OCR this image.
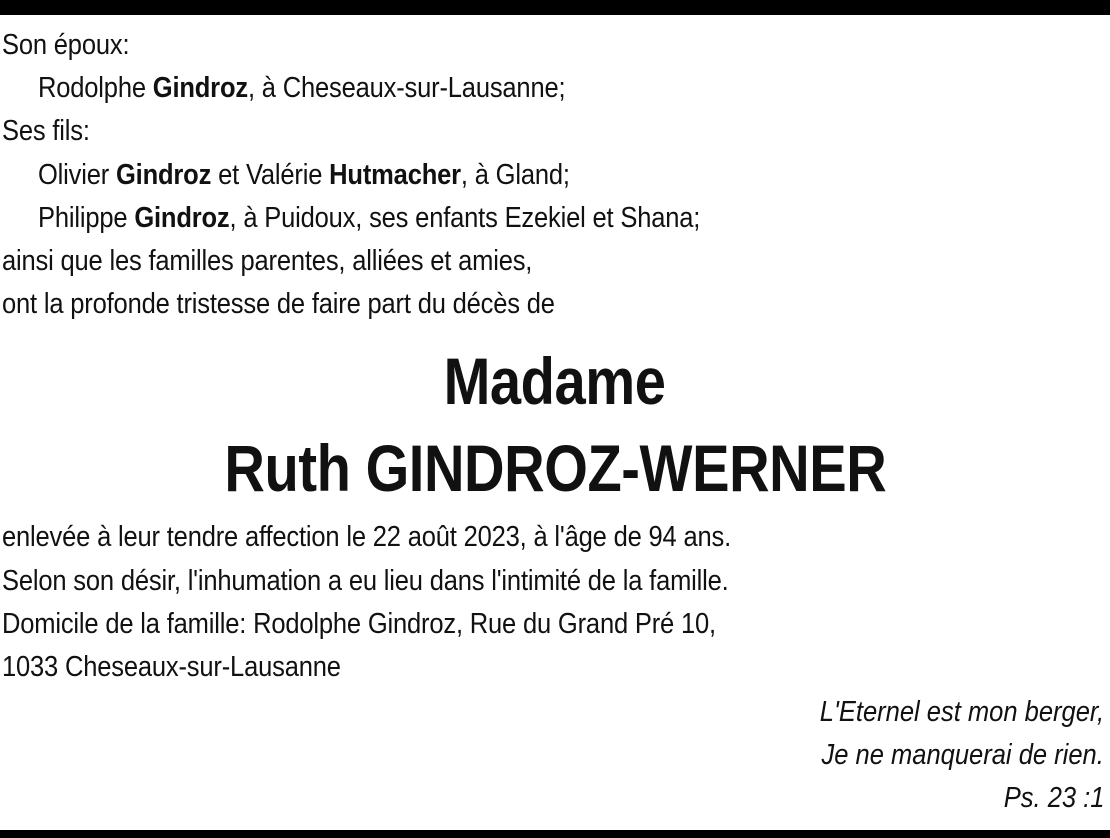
Son époux:
Rodolphe Gindroz, à Cheseaux-sur-Lausanne;
Ses fils:
Olivier Gindroz et Valérie Hutmacher, à Gland;
Philippe Gindroz, à Puidoux, ses enfants Ezekiel et Shana;
ainsi que les familles parentes, alliées et amies,
ont la profonde tristesse de faire part du décès de
Madame
Ruth GINDROZ-WERNER
enlevée à leur tendre affection le 22 août 2023, à l'âge de 94 ans.
Selon son désir, l'inhumation a eu lieu dans l'intimité de la famille.
Domicile de la famille: Rodolphe Gindroz, Rue du Grand Pré 10,
1033 Cheseaux-sur-Lausanne
L'Eternel est mon berger,
Je ne manquerai de rien.
Ps. 23 :1
